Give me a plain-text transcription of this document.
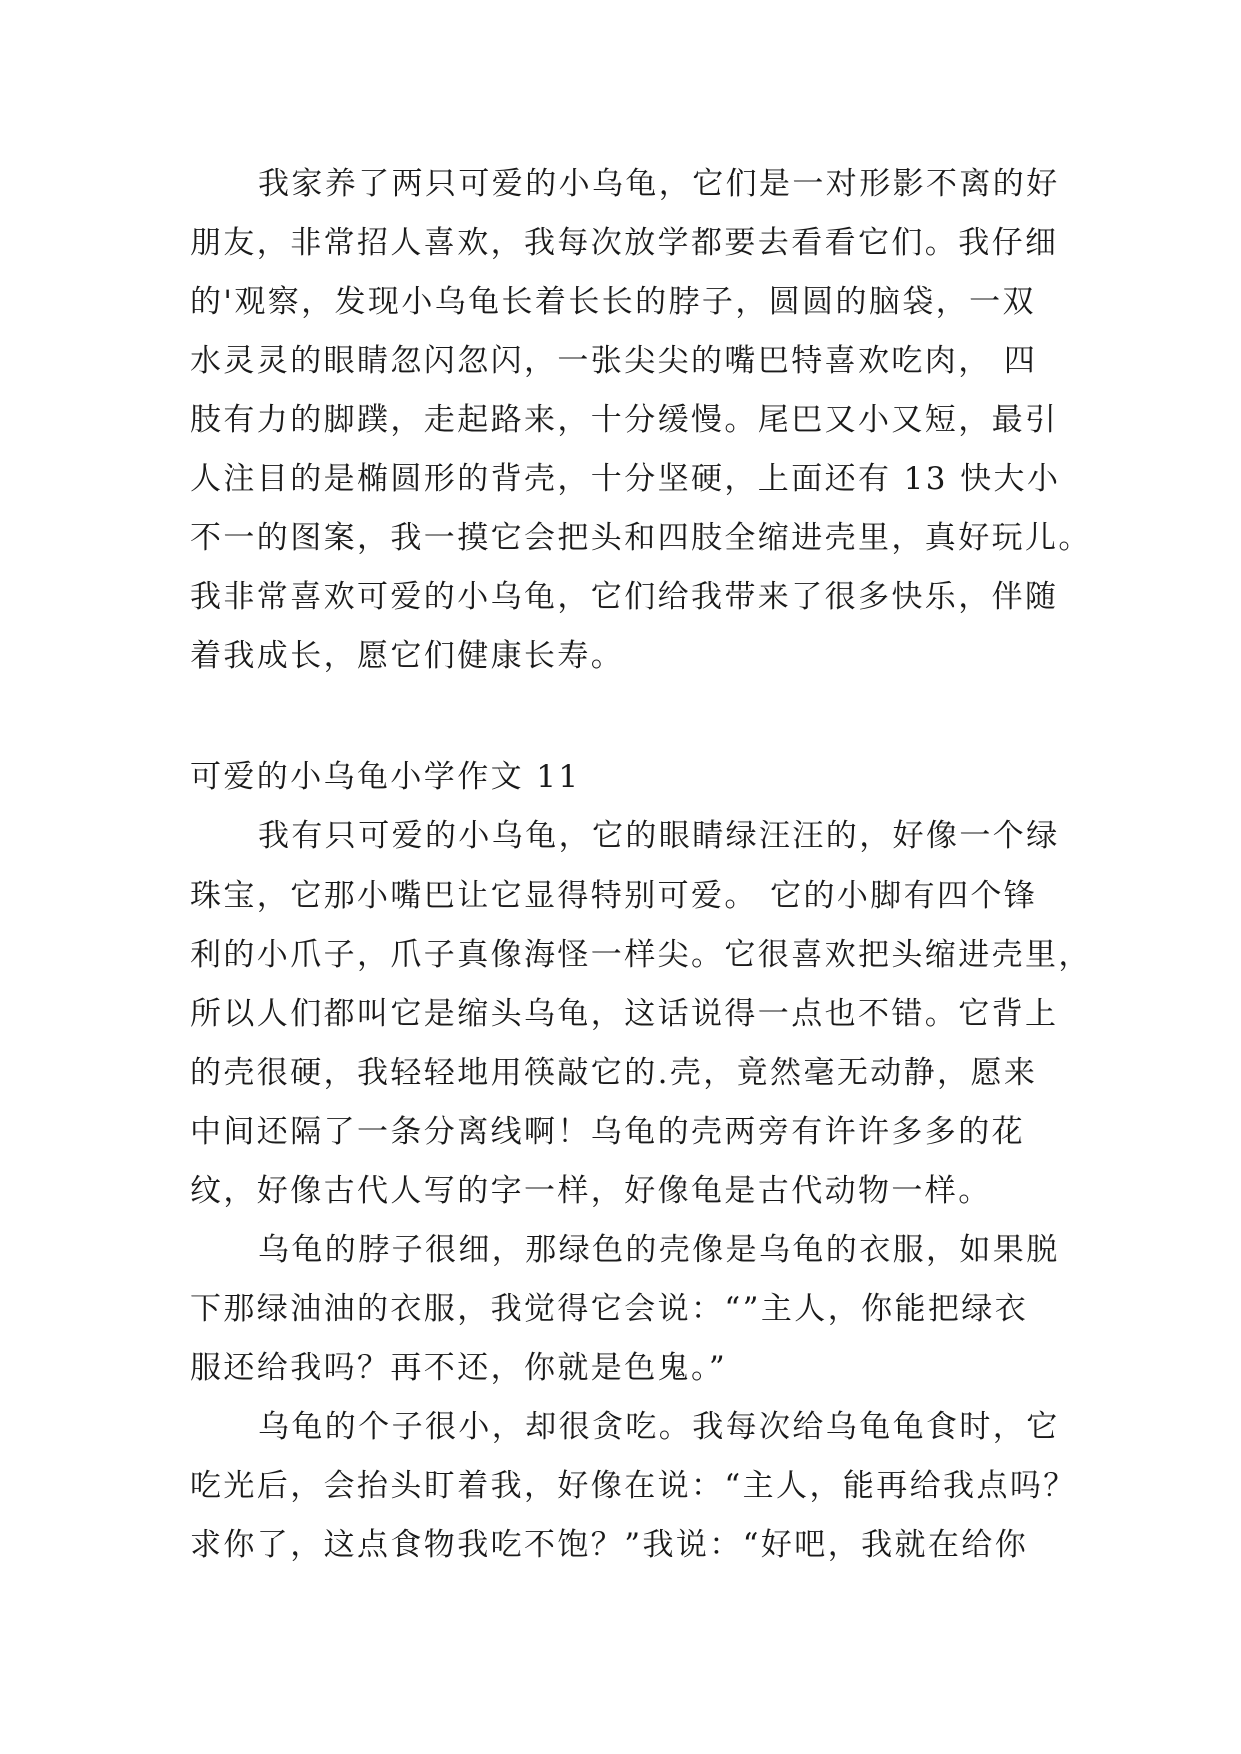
我家养了两只可爱的小乌龟，它们是一对形影不离的好
朋友，非常招人喜欢，我每次放学都要去看看它们。我仔细
的'观察，发现小乌龟长着长长的脖子，圆圆的脑袋，一双
水灵灵的眼睛忽闪忽闪，一张尖尖的嘴巴特喜欢吃肉， 四
肢有力的脚蹼，走起路来，十分缓慢。尾巴又小又短，最引
人注目的是椭圆形的背壳，十分坚硬，上面还有 13 快大小
不一的图案，我一摸它会把头和四肢全缩进壳里，真好玩儿。
我非常喜欢可爱的小乌龟，它们给我带来了很多快乐，伴随
着我成长，愿它们健康长寿。
可爱的小乌龟小学作文 11
我有只可爱的小乌龟，它的眼睛绿汪汪的，好像一个绿
珠宝，它那小嘴巴让它显得特别可爱。 它的小脚有四个锋
利的小爪子，爪子真像海怪一样尖。它很喜欢把头缩进壳里，
所以人们都叫它是缩头乌龟，这话说得一点也不错。它背上
的壳很硬，我轻轻地用筷敲它的.壳，竟然毫无动静，愿来
中间还隔了一条分离线啊！乌龟的壳两旁有许许多多的花
纹，好像古代人写的字一样，好像龟是古代动物一样。
乌龟的脖子很细，那绿色的壳像是乌龟的衣服，如果脱
下那绿油油的衣服，我觉得它会说：“”主人，你能把绿衣
服还给我吗？再不还，你就是色鬼。”
乌龟的个子很小，却很贪吃。我每次给乌龟龟食时，它
吃光后，会抬头盯着我，好像在说：“主人，能再给我点吗？
求你了，这点食物我吃不饱？”我说：“好吧，我就在给你
